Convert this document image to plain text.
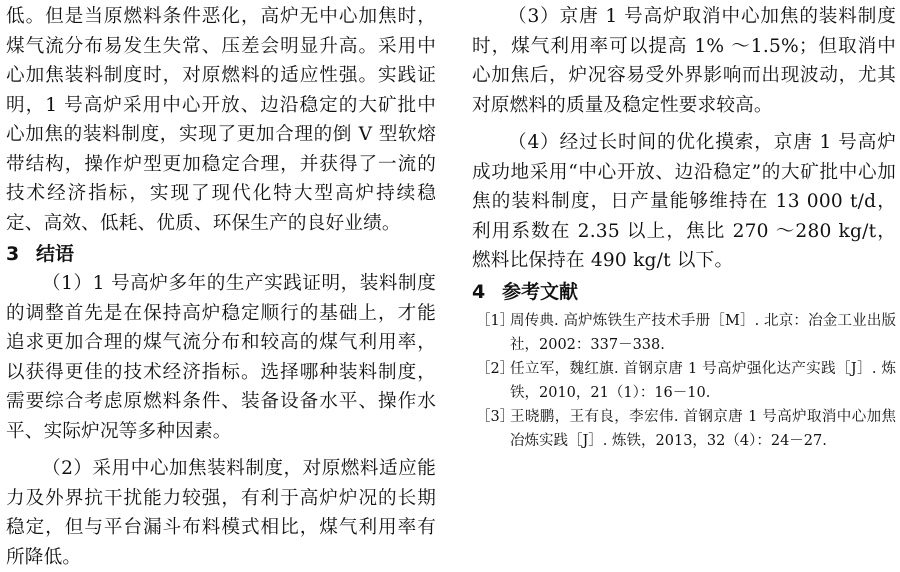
低。但是当原燃料条件恶化，高炉无中心加焦时，煤气流分布易发生失常、压差会明显升高。采用中心加焦装料制度时，对原燃料的适应性强。实践证明，1 号高炉采用中心开放、边沿稳定的大矿批中心加焦的装料制度，实现了更加合理的倒 V 型软熔带结构，操作炉型更加稳定合理，并获得了一流的技术经济指标，实现了现代化特大型高炉持续稳定、高效、低耗、优质、环保生产的良好业绩。

3 结语

（1）1 号高炉多年的生产实践证明，装料制度的调整首先是在保持高炉稳定顺行的基础上，才能追求更加合理的煤气流分布和较高的煤气利用率，以获得更佳的技术经济指标。选择哪种装料制度，需要综合考虑原燃料条件、装备设备水平、操作水平、实际炉况等多种因素。

（2）采用中心加焦装料制度，对原燃料适应能力及外界抗干扰能力较强，有利于高炉炉况的长期稳定，但与平台漏斗布料模式相比，煤气利用率有所降低。

（3）京唐 1 号高炉取消中心加焦的装料制度时，煤气利用率可以提高 1% ～1.5%；但取消中心加焦后，炉况容易受外界影响而出现波动，尤其对原燃料的质量及稳定性要求较高。

（4）经过长时间的优化摸索，京唐 1 号高炉成功地采用“中心开放、边沿稳定”的大矿批中心加焦的装料制度，日产量能够维持在 13 000 t/d，利用系数在 2.35 以上，焦比 270 ～280 kg/t，燃料比保持在 490 kg/t 以下。

4 参考文献
［1］
周传典. 高炉炼铁生产技术手册［M］. 北京：冶金工业出版社，2002：337－338.
［2］
任立军，魏红旗. 首钢京唐 1 号高炉强化达产实践［J］. 炼铁，2010，21（1）：16－10.
［3］
王晓鹏，王有良，李宏伟. 首钢京唐 1 号高炉取消中心加焦冶炼实践［J］. 炼铁，2013，32（4）：24－27.
